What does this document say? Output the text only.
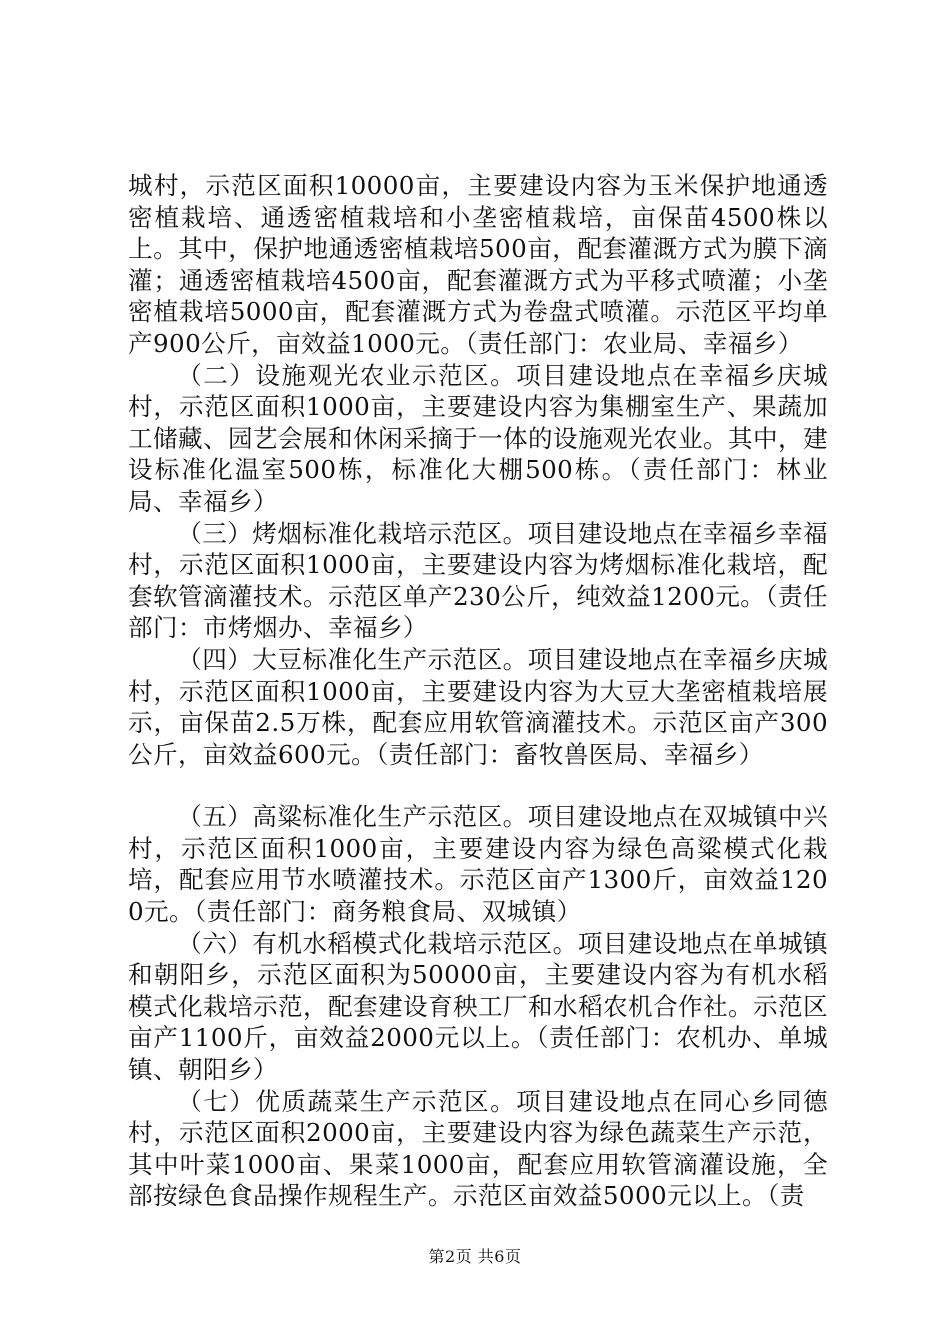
城村，示范区面积10000亩，主要建设内容为玉米保护地通透密植栽培、通透密植栽培和小垄密植栽培，亩保苗4500株以上。其中，保护地通透密植栽培500亩，配套灌溉方式为膜下滴灌；通透密植栽培4500亩，配套灌溉方式为平移式喷灌；小垄密植栽培5000亩，配套灌溉方式为卷盘式喷灌。示范区平均单产900公斤，亩效益1000元。（责任部门：农业局、幸福乡）

（二）设施观光农业示范区。项目建设地点在幸福乡庆城村，示范区面积1000亩，主要建设内容为集棚室生产、果蔬加工储藏、园艺会展和休闲采摘于一体的设施观光农业。其中，建设标准化温室500栋，标准化大棚500栋。（责任部门：林业局、幸福乡）

（三）烤烟标准化栽培示范区。项目建设地点在幸福乡幸福村，示范区面积1000亩，主要建设内容为烤烟标准化栽培，配套软管滴灌技术。示范区单产230公斤，纯效益1200元。（责任部门：市烤烟办、幸福乡）

（四）大豆标准化生产示范区。项目建设地点在幸福乡庆城村，示范区面积1000亩，主要建设内容为大豆大垄密植栽培展示，亩保苗2.5万株，配套应用软管滴灌技术。示范区亩产300公斤，亩效益600元。（责任部门：畜牧兽医局、幸福乡）

（五）高粱标准化生产示范区。项目建设地点在双城镇中兴村，示范区面积1000亩，主要建设内容为绿色高粱模式化栽培，配套应用节水喷灌技术。示范区亩产1300斤，亩效益1200元。（责任部门：商务粮食局、双城镇）

（六）有机水稻模式化栽培示范区。项目建设地点在单城镇和朝阳乡，示范区面积为50000亩，主要建设内容为有机水稻模式化栽培示范，配套建设育秧工厂和水稻农机合作社。示范区亩产1100斤，亩效益2000元以上。（责任部门：农机办、单城镇、朝阳乡）

（七）优质蔬菜生产示范区。项目建设地点在同心乡同德村，示范区面积2000亩，主要建设内容为绿色蔬菜生产示范，其中叶菜1000亩、果菜1000亩，配套应用软管滴灌设施，全部按绿色食品操作规程生产。示范区亩效益5000元以上。（责

第2页 共6页
